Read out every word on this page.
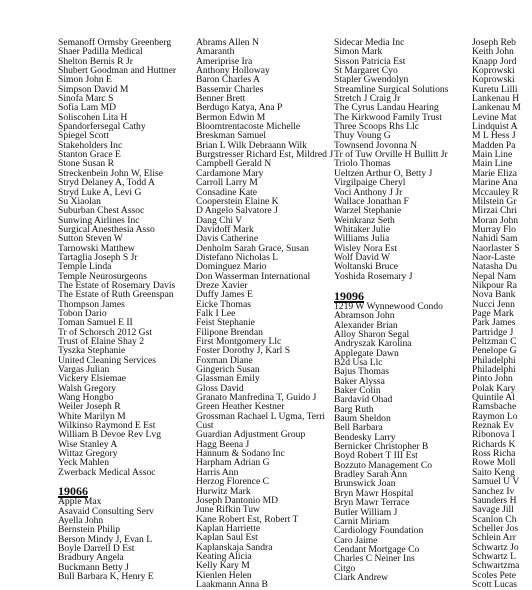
Semanoff Ormsby Greenberg
Shaer Padilla Medical
Shelton Bernis R Jr
Shubert Goodman and Huttner
Simon John E
Simpson David M
Sinofa Marc S
Sofia Lam MD
Soliscohen Lita H
Spandorfersegal Cathy
Spiegel Scott
Stakeholders Inc
Stanton Grace E
Stone Susan R
Streckenbein John W, Elise
Stryd Delaney A, Todd A
Stryd Luke A, Levi G
Su Xiaolan
Suburban Chest Assoc
Sunwing Airlines Inc
Surgical Anesthesia Asso
Sutton Steven W
Tarnowski Matthew
Tartaglia Joseph S Jr
Temple Linda
Temple Neurosurgeons
The Estate of Rosemary Davis
The Estate of Ruth Greenspan
Thompson James
Tobon Dario
Toman Samuel E II
Tr of Schorsch 2012 Gst
Trust of Elaine Shay 2
Tyszka Stephanie
United Cleaning Services
Vargas Julian
Vickery Elsiemae
Walsh Gregory
Wang Hongbo
Weiler Joseph R
White Marilyn M
Wilkinso Raymond E Est
William B Devoe Rev Lvg
Wise Stanley A
Wittaz Gregory
Yeck Mahlen
Zwerback Medical Assoc
19066
Apple Max
Asavaid Consulting Serv
Ayella John
Bernstein Philip
Berson Mindy J, Evan L
Boyle Darrell D Est
Bradbury Angela
Buckmann Betty J
Bull Barbara K, Henry E
Abrams Allen N
Amaranth
Ameriprise Ira
Anthony Holloway
Baron Charles A
Bassemir Charles
Benner Brett
Berdugo Katya, Ana P
Bermon Edwin M
Bloomtrentacoste Michelle
Breskman Samuel
Brian L Wilk Debraann Wilk
Burgstresser Richard Est, Mildred J
Campbell Gerald N
Cardamone Mary
Carroll Larry M
Consadine Kate
Cooperstein Elaine K
D Angelo Salvatore J
Dang Chi V
Davidoff Mark
Davis Catherine
Denholm Sarah Grace, Susan
Distefano Nicholas L
Dominguez Mario
Don Wasserman International
Dreze Xavier
Duffy James E
Eicke Thomas
Falk I Lee
Feist Stephanie
Filipone Brendan
First Montgomery Llc
Foster Dorothy J, Karl S
Foxman Diane
Gingerich Susan
Glassman Emily
Gloss David
Granato Manfredina T, Guido J
Green Heather Kestner
Grossman Rachael L Ugma, Terri
Cust
Guardian Adjustment Group
Hagg Beena J
Hannum & Sodano Inc
Harpham Adrian G
Harris Ann
Herzog Florence C
Hurwitz Mark
Joseph Dantonio MD
June Rifkin Tuw
Kane Robert Est, Robert T
Kaplan Harriette
Kaplan Saul Est
Kaplanskaja Sandra
Keating Alicia
Kelly Kary M
Kienlen Helen
Laakmann Anna B
Sidecar Media Inc
Simon Mark
Sisson Patricia Est
St Margaret Cyo
Stapler Gwendolyn
Streamline Surgical Solutions
Stretch J Craig Jr
The Cyrus Landau Hearing
The Kirkwood Family Trust
Three Scoops Rhs Llc
Thuy Voung G
Townsend Jovonna N
Tr of Tuw Orville H Bullitt Jr
Triolo Thomas
Ueltzen Arthur O, Betty J
Virgilpaige Cheryl
Voci Anthony J Jr
Wallace Jonathan F
Warzel Stephanie
Weinkranz Seth
Whitaker Julie
Williams Julia
Wisley Nora Est
Wolf David W
Woltanski Bruce
Yoshida Rosemary J
19096
1219 W Wynnewood Condo
Abramson John
Alexander Brian
Alloy Sharon Segal
Andryszak Karolina
Applegate Dawn
B2d Usa Llc
Bajus Thomas
Baker Alyssa
Baker Colin
Bardavid Ohad
Barg Ruth
Baum Sheldon
Bell Barbara
Bendesky Larry
Bernicker Christopher B
Boyd Robert T III Est
Bozzuto Management Co
Bradley Sarah Ann
Brunswick Joan
Bryn Mawr Hospital
Bryn Mawr Terrace
Butler William J
Carnit Miriam
Cardiology Foundation
Caro Jaime
Cendant Mortgage Co
Charles C Neiner Ins
Citgo
Clark Andrew
Joseph Reb
Keith John
Knapp Jord
Koprowski
Koprowski
Kuretu Lilli
Lankenau H
Lankenau M
Levine Mat
Lindquist A
M L Hess J
Madden Pa
Main Line
Main Line
Marie Eliza
Marine Ana
Mccauley R
Milstein Gr
Mirzai Chri
Moran John
Murray Flo
Nahidi Sam
Naorlaster S
Naor-Laste
Natasha Du
Nepal Nam
Nikpour Ra
Nova Bank
Nucci Jenn
Page Mark
Park James
Partridge J
Peltzman C
Penelope G
Philadelphi
Philadelphi
Pinto John
Polak Kary
Quintile Al
Ramsbache
Raymon Lo
Reznak Ev
Ribonova I
Richards K
Ross Richa
Rowe Moll
Saito Keng
Samuel U V
Sanchez Iv
Saunders H
Savage Jill
Scanlon Ch
Scheller Jos
Schlein Arr
Schwartz Jo
Schwartz L
Schwartzma
Scoles Pete
Scott Lucas
